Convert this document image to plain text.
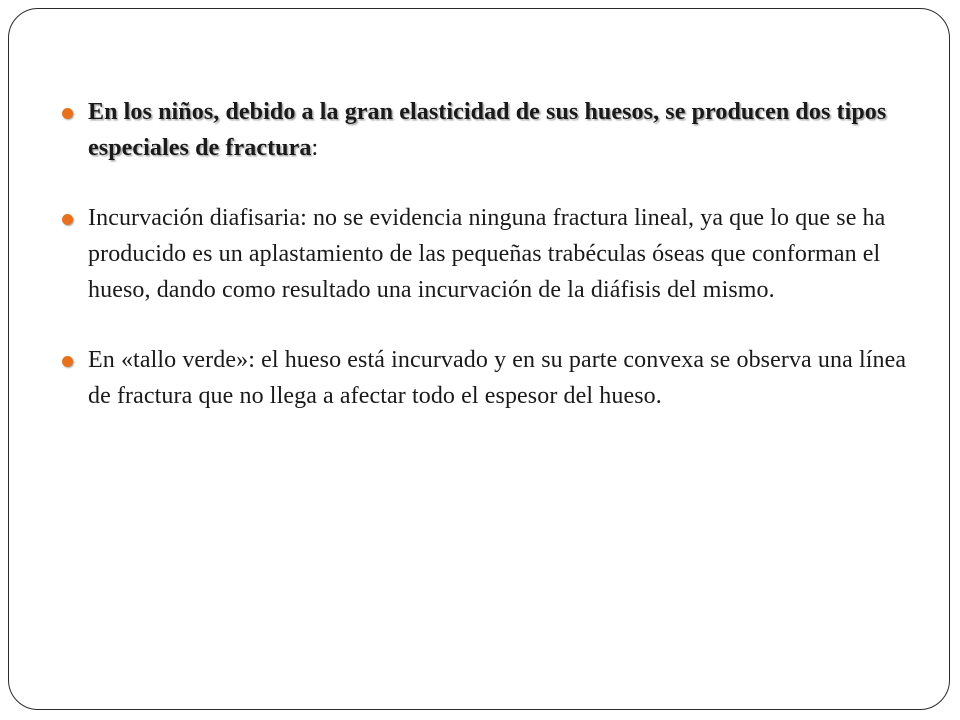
En los niños, debido a la gran elasticidad de sus huesos, se producen dos tipos especiales de fractura:
Incurvación diafisaria: no se evidencia ninguna fractura lineal, ya que lo que se ha producido es un aplastamiento de las pequeñas trabéculas óseas que conforman el hueso, dando como resultado una incurvación de la diáfisis del mismo.
En «tallo verde»: el hueso está incurvado y en su parte convexa se observa una línea de fractura que no llega a afectar todo el espesor del hueso.
